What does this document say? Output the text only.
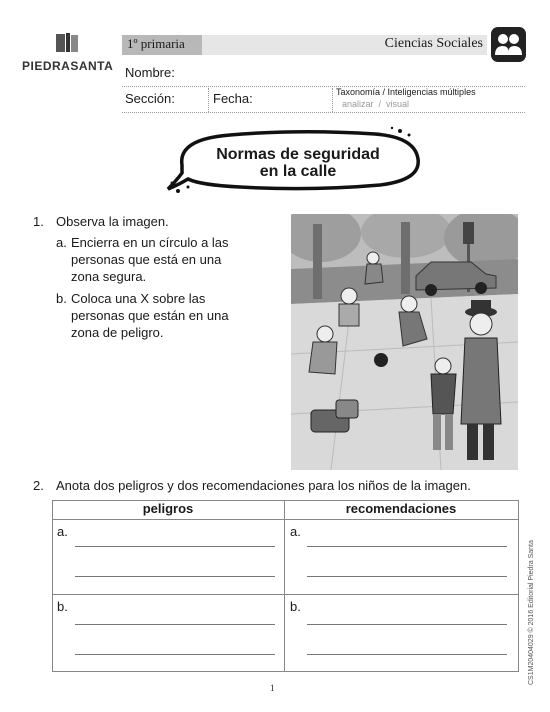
PIEDRASANTA
1º primaria	Ciencias Sociales
Nombre:
Sección:	Fecha:	Taxonomía / Inteligencias múltiples
analizar  /  visual
Normas de seguridad
en la calle
1. Observa la imagen.
a. Encierra en un círculo a las personas que está en una zona segura.
b. Coloca una X sobre las personas que están en una zona de peligro.
2. Anota dos peligros y dos recomendaciones para los niños de la imagen.
peligros	recomendaciones
a.	a.
b.	b.	CS1M20404029 © 2016 Editorial Piedra Santa
1
